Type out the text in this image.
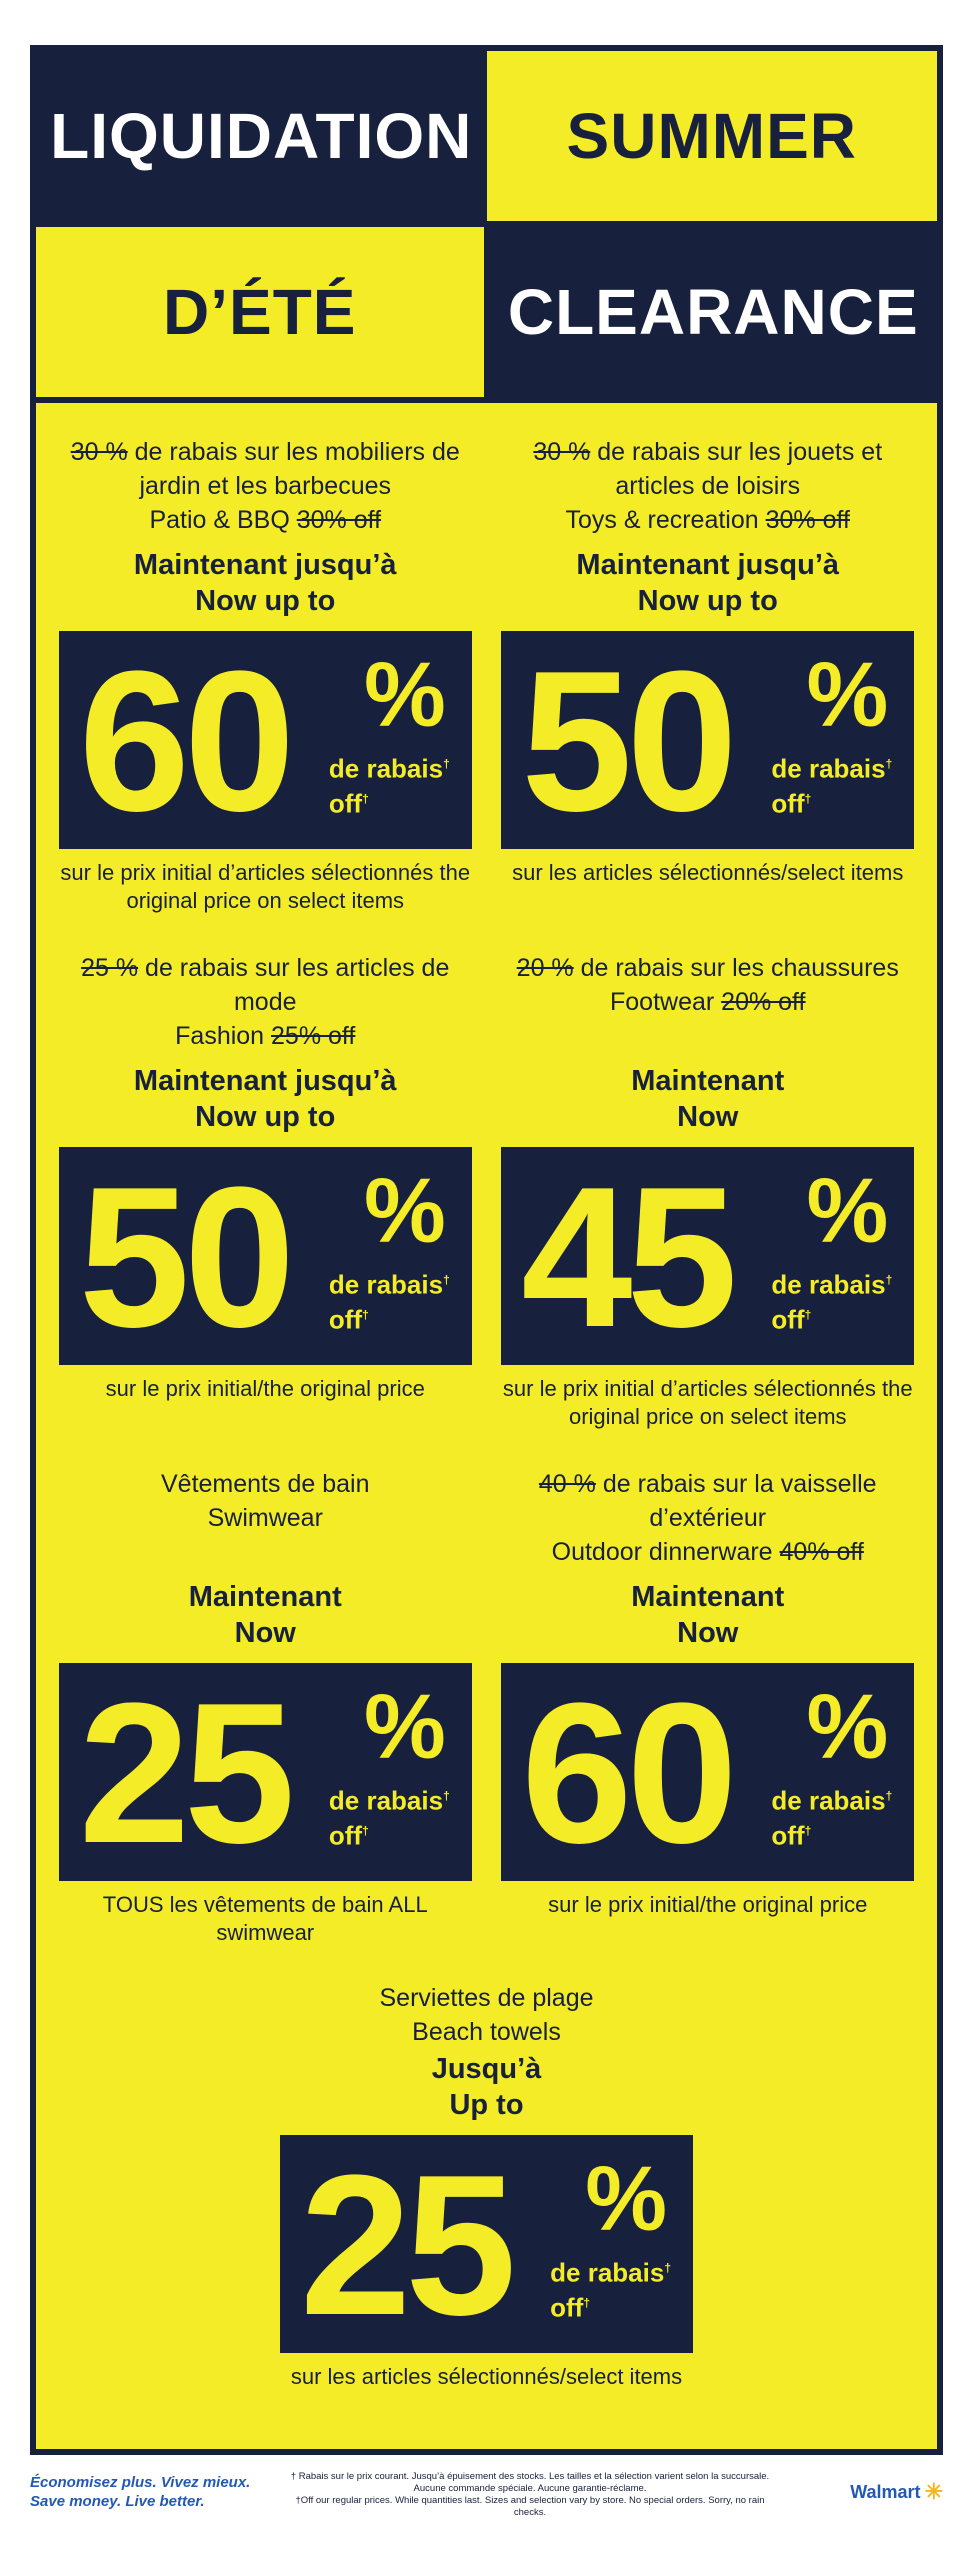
LIQUIDATION	SUMMER
D’ÉTÉ	CLEARANCE
30 % de rabais sur les mobiliers de jardin et les barbecues
Patio & BBQ 30% off
Maintenant jusqu’à
Now up to
60 %
de rabais†
off†
sur le prix initial d’articles sélectionnés the original price on select items
30 % de rabais sur les jouets et articles de loisirs
Toys & recreation 30% off
Maintenant jusqu’à
Now up to
50 %
de rabais†
off†
sur les articles sélectionnés/select items
25 % de rabais sur les articles de mode
Fashion 25% off
Maintenant jusqu’à
Now up to
50 %
de rabais†
off†
sur le prix initial/the original price
20 % de rabais sur les chaussures
Footwear 20% off
Maintenant
Now
45 %
de rabais†
off†
sur le prix initial d’articles sélectionnés the original price on select items
Vêtements de bain
Swimwear
Maintenant
Now
25 %
de rabais†
off†
TOUS les vêtements de bain ALL swimwear
40 % de rabais sur la vaisselle d’extérieur
Outdoor dinnerware 40% off
Maintenant
Now
60 %
de rabais†
off†
sur le prix initial/the original price
Serviettes de plage
Beach towels
Jusqu’à
Up to
25 %
de rabais†
off†
sur les articles sélectionnés/select items
Économisez plus. Vivez mieux.
Save money. Live better.
† Rabais sur le prix courant. Jusqu’à épuisement des stocks. Les tailles et la sélection varient selon la succursale.
Aucune commande spéciale. Aucune garantie-réclame.
†Off our regular prices. While quantities last. Sizes and selection vary by store. No special orders. Sorry, no rain checks.
Walmart ✳
